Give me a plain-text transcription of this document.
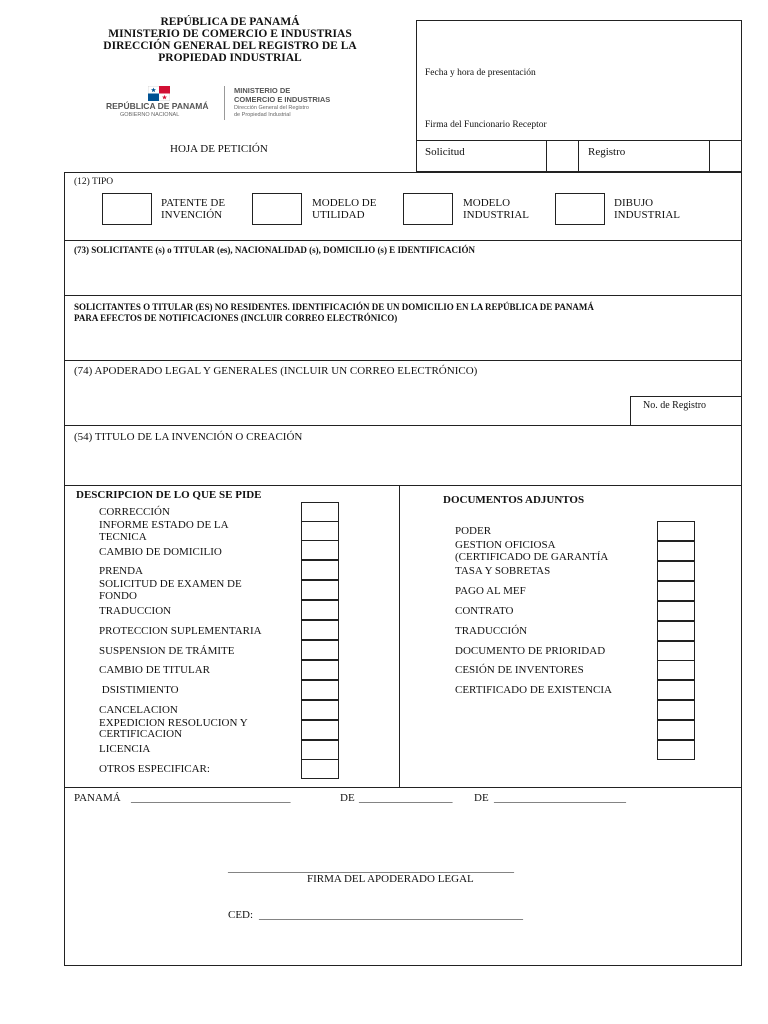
REPÚBLICA DE PANAMÁ
MINISTERIO DE COMERCIO E INDUSTRIAS
DIRECCIÓN GENERAL DEL REGISTRO DE LA
PROPIEDAD INDUSTRIAL
REPÚBLICA DE PANAMÁ
GOBIERNO NACIONAL
MINISTERIO DE
COMERCIO E INDUSTRIAS
Dirección General del Registro
de Propiedad Industrial
HOJA DE PETICIÓN
Fecha y hora de presentación
Firma del Funcionario Receptor
Solicitud	Registro
(12) TIPO
PATENTE DE
INVENCIÓN
MODELO DE
UTILIDAD
MODELO
INDUSTRIAL
DIBUJO
INDUSTRIAL
(73) SOLICITANTE (s) o TITULAR (es), NACIONALIDAD (s), DOMICILIO (s) E IDENTIFICACIÓN
SOLICITANTES O TITULAR (ES) NO RESIDENTES. IDENTIFICACIÓN DE UN DOMICILIO EN LA REPÚBLICA DE PANAMÁ
PARA EFECTOS DE NOTIFICACIONES (INCLUIR CORREO ELECTRÓNICO)
(74) APODERADO LEGAL Y GENERALES (INCLUIR UN CORREO ELECTRÓNICO)
No. de Registro
(54) TITULO DE LA INVENCIÓN O CREACIÓN
DESCRIPCION DE LO QUE SE PIDE
CORRECCIÓN
INFORME ESTADO DE LA
TECNICA
CAMBIO DE DOMICILIO
PRENDA
SOLICITUD DE EXAMEN DE
FONDO
TRADUCCION
PROTECCION SUPLEMENTARIA
SUSPENSION DE TRÁMITE
CAMBIO DE TITULAR
DSISTIMIENTO
CANCELACION
EXPEDICION RESOLUCION Y
CERTIFICACION
LICENCIA
OTROS ESPECIFICAR:
DOCUMENTOS ADJUNTOS
PODER
GESTION OFICIOSA
(CERTIFICADO DE GARANTÍA
TASA Y SOBRETAS
PAGO AL MEF
CONTRATO
TRADUCCIÓN
DOCUMENTO DE PRIORIDAD
CESIÓN DE INVENTORES
CERTIFICADO DE EXISTENCIA
PANAMÁ _____________________________	DE _________________ DE ________________________
____________________________________________________
FIRMA DEL APODERADO LEGAL
CED: ________________________________________________
